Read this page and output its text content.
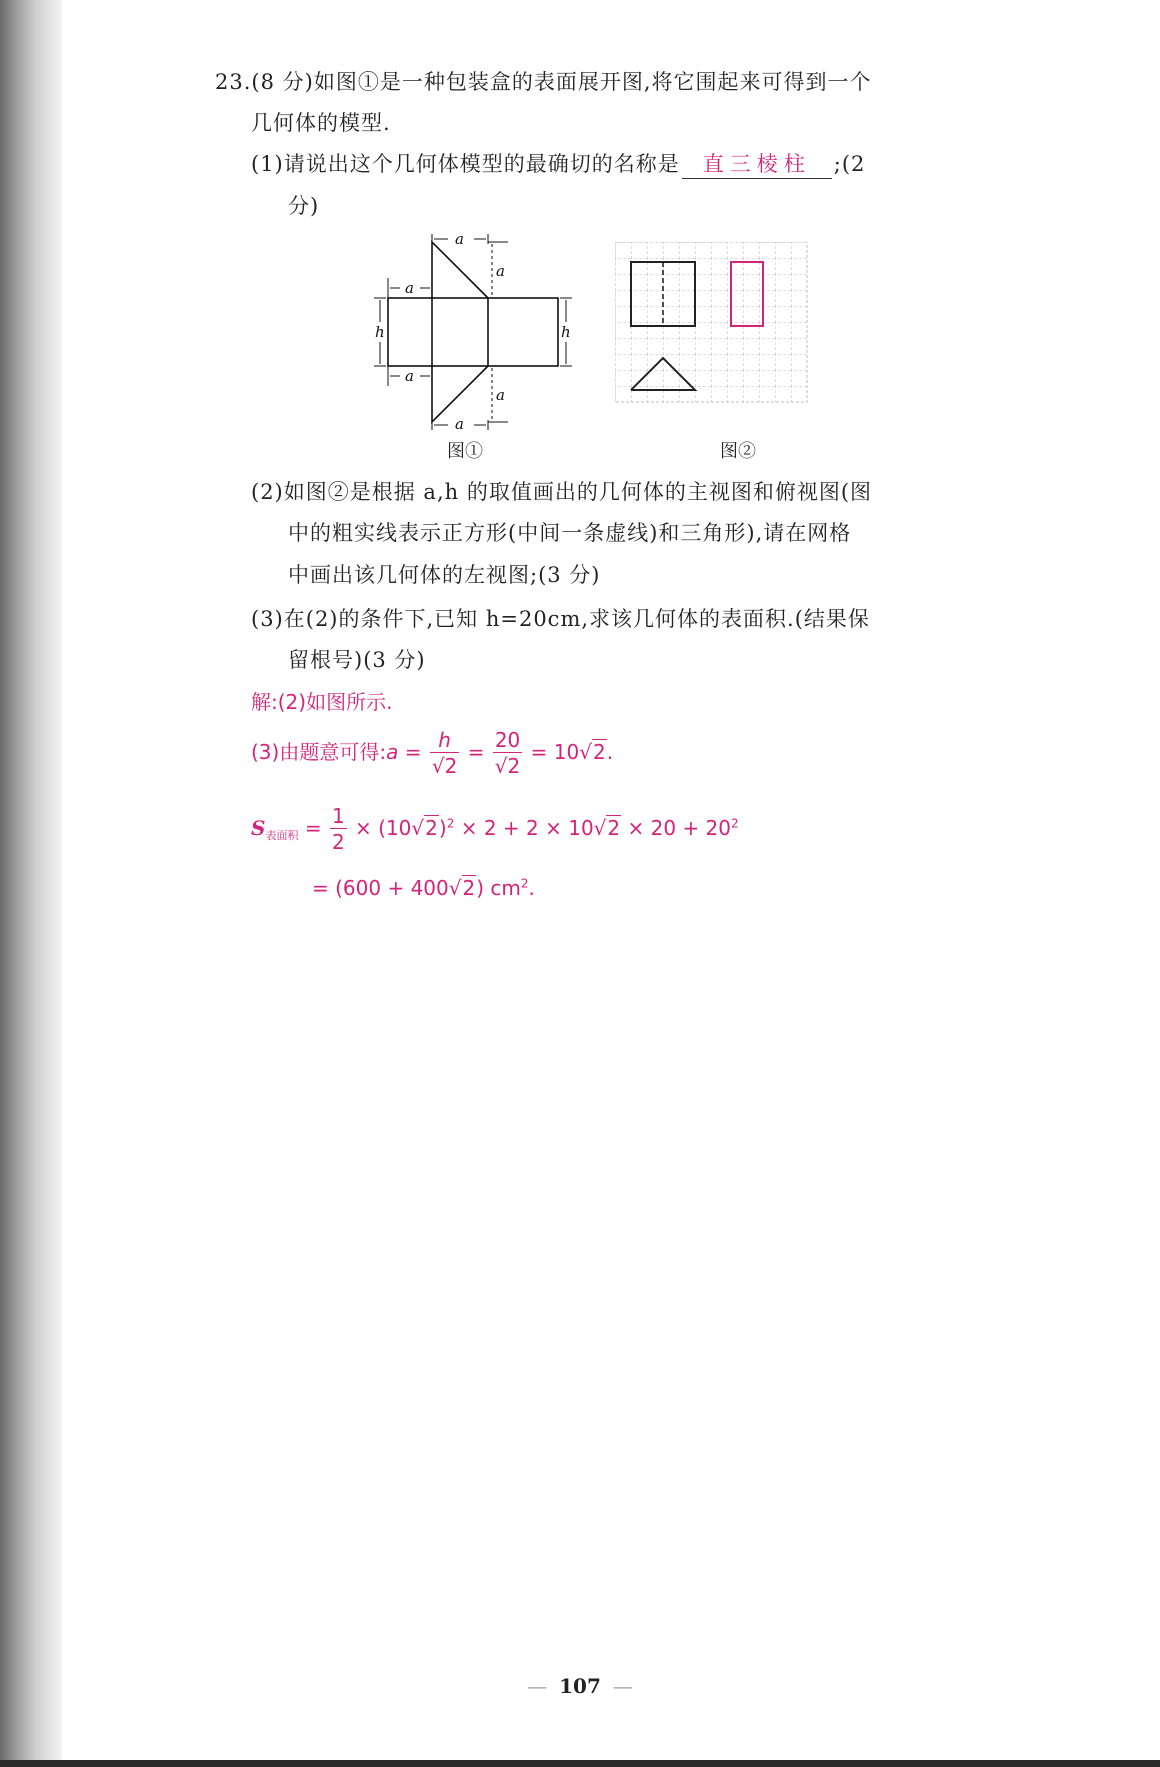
23.(8 分)如图①是一种包装盒的表面展开图,将它围起来可得到一个
几何体的模型.
(1)请说出这个几何体模型的最确切的名称是 直三棱柱 ;(2
分)
a
a
a
h	h
a
a
a
图①	图②
(2)如图②是根据 a,h 的取值画出的几何体的主视图和俯视图(图
中的粗实线表示正方形(中间一条虚线)和三角形),请在网格
中画出该几何体的左视图;(3 分)
(3)在(2)的条件下,已知 h=20cm,求该几何体的表面积.(结果保
留根号)(3 分)
解:(2)如图所示.
(3)由题意可得:a = $\frac{h}{√2} = \frac{20}{√2} = 10√2$.
$S_{表面积} = \frac{1}{2} \times (10√2)^2 \times 2 + 2 \times 10√2 \times 20 + 20^2$
= (600 + 400√2) $cm^2$.
— 107 —
